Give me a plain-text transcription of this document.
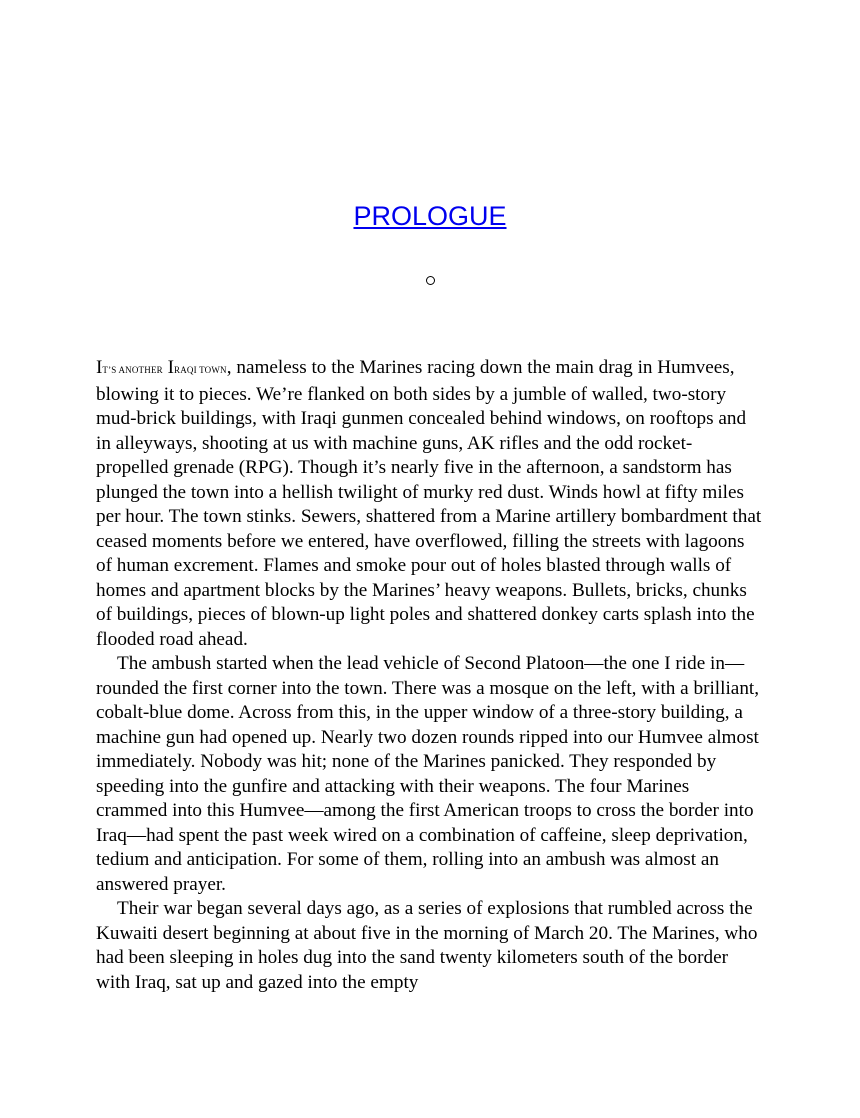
PROLOGUE

IT’S ANOTHER IRAQI TOWN, nameless to the Marines racing down the main drag in Humvees, blowing it to pieces. We’re flanked on both sides by a jumble of walled, two-story mud-brick buildings, with Iraqi gunmen concealed behind windows, on rooftops and in alleyways, shooting at us with machine guns, AK rifles and the odd rocket-propelled grenade (RPG). Though it’s nearly five in the afternoon, a sandstorm has plunged the town into a hellish twilight of murky red dust. Winds howl at fifty miles per hour. The town stinks. Sewers, shattered from a Marine artillery bombardment that ceased moments before we entered, have overflowed, filling the streets with lagoons of human excrement. Flames and smoke pour out of holes blasted through walls of homes and apartment blocks by the Marines’ heavy weapons. Bullets, bricks, chunks of buildings, pieces of blown-up light poles and shattered donkey carts splash into the flooded road ahead.

The ambush started when the lead vehicle of Second Platoon—the one I ride in—rounded the first corner into the town. There was a mosque on the left, with a brilliant, cobalt-blue dome. Across from this, in the upper window of a three-story building, a machine gun had opened up. Nearly two dozen rounds ripped into our Humvee almost immediately. Nobody was hit; none of the Marines panicked. They responded by speeding into the gunfire and attacking with their weapons. The four Marines crammed into this Humvee—among the first American troops to cross the border into Iraq—had spent the past week wired on a combination of caffeine, sleep deprivation, tedium and anticipation. For some of them, rolling into an ambush was almost an answered prayer.

Their war began several days ago, as a series of explosions that rumbled across the Kuwaiti desert beginning at about five in the morning of March 20. The Marines, who had been sleeping in holes dug into the sand twenty kilometers south of the border with Iraq, sat up and gazed into the empty
